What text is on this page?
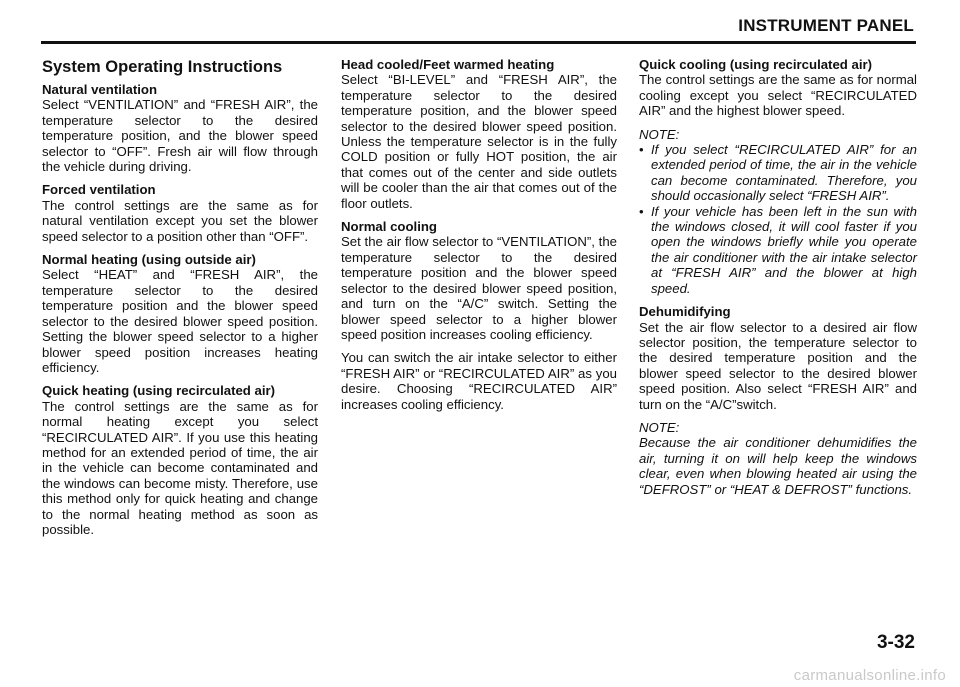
INSTRUMENT PANEL
System Operating Instructions
Natural ventilation
Select “VENTILATION” and “FRESH AIR”, the temperature selector to the desired temperature position, and the blower speed selector to “OFF”. Fresh air will flow through the vehicle during driving.
Forced ventilation
The control settings are the same as for natural ventilation except you set the blower speed selector to a position other than “OFF”.
Normal heating (using outside air)
Select “HEAT” and “FRESH AIR”, the temperature selector to the desired temperature position and the blower speed selector to the desired blower speed position. Setting the blower speed selector to a higher blower speed position increases heating efficiency.
Quick heating (using recirculated air)
The control settings are the same as for normal heating except you select “RECIRCULATED AIR”. If you use this heating method for an extended period of time, the air in the vehicle can become contaminated and the windows can become misty. Therefore, use this method only for quick heating and change to the normal heating method as soon as possible.
Head cooled/Feet warmed heating
Select “BI-LEVEL” and “FRESH AIR”, the temperature selector to the desired temperature position, and the blower speed selector to the desired blower speed position. Unless the temperature selector is in the fully COLD position or fully HOT position, the air that comes out of the center and side outlets will be cooler than the air that comes out of the floor outlets.
Normal cooling
Set the air flow selector to “VENTILATION”, the temperature selector to the desired temperature position and the blower speed selector to the desired blower speed position, and turn on the “A/C” switch. Setting the blower speed selector to a higher blower speed position increases cooling efficiency.
You can switch the air intake selector to either “FRESH AIR” or “RECIRCULATED AIR” as you desire. Choosing “RECIRCULATED AIR” increases cooling efficiency.
Quick cooling (using recirculated air)
The control settings are the same as for normal cooling except you select “RECIRCULATED AIR” and the highest blower speed.
NOTE:
• If you select “RECIRCULATED AIR” for an extended period of time, the air in the vehicle can become contaminated. Therefore, you should occasionally select “FRESH AIR”.
• If your vehicle has been left in the sun with the windows closed, it will cool faster if you open the windows briefly while you operate the air conditioner with the air intake selector at “FRESH AIR” and the blower at high speed.
Dehumidifying
Set the air flow selector to a desired air flow selector position, the temperature selector to the desired temperature position and the blower speed selector to the desired blower speed position. Also select “FRESH AIR” and turn on the “A/C”switch.
NOTE:
Because the air conditioner dehumidifies the air, turning it on will help keep the windows clear, even when blowing heated air using the “DEFROST” or “HEAT & DEFROST” functions.
3-32
carmanualsonline.info
